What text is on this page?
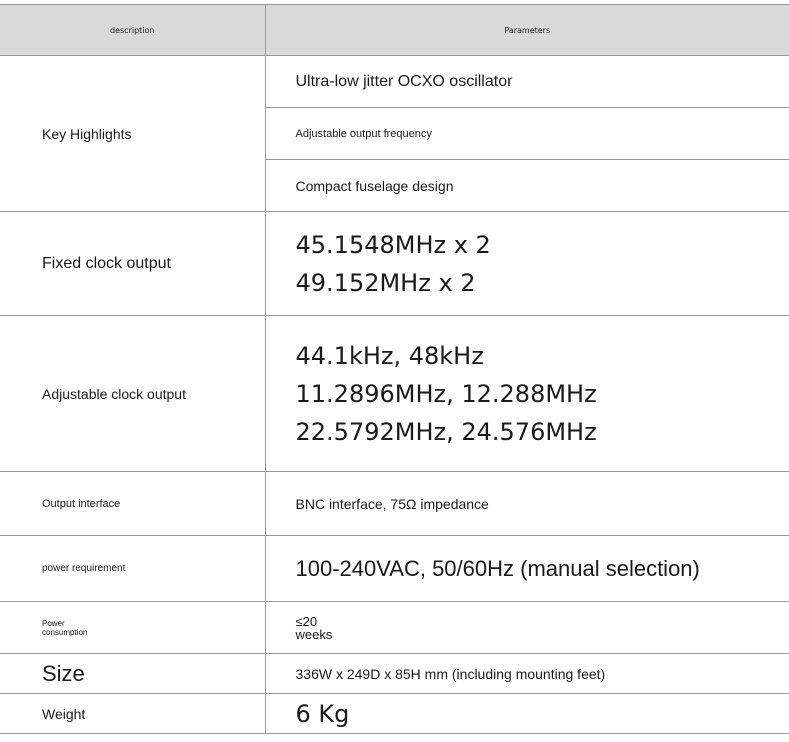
description	Parameters
Key Highlights	Ultra-low jitter OCXO oscillator
	Adjustable output frequency
	Compact fuselage design
Fixed clock output	45.1548MHz x 2
49.152MHz x 2

Adjustable clock output	44.1kHz, 48kHz
11.2896MHz, 12.288MHz
22.5792MHz, 24.576MHz

Output interface	BNC interface, 75Ω impedance
power requirement	100-240VAC, 50/60Hz (manual selection)

Power
consumption	≤20
weeks

Size	336W x 249D x 85H mm (including mounting feet)
Weight	6 Kg
